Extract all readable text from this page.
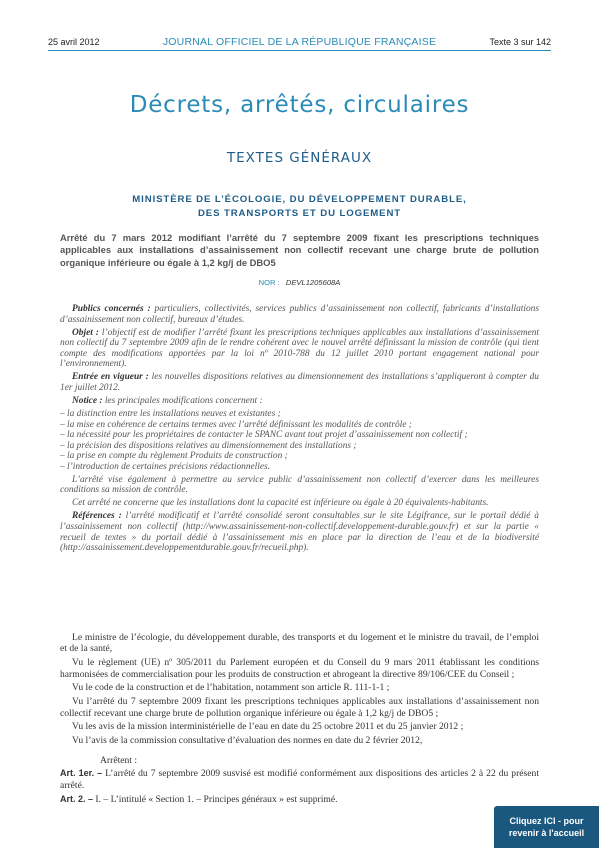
25 avril 2012	JOURNAL OFFICIEL DE LA RÉPUBLIQUE FRANÇAISE	Texte 3 sur 142
Décrets, arrêtés, circulaires
TEXTES GÉNÉRAUX
MINISTÈRE DE L’ÉCOLOGIE, DU DÉVELOPPEMENT DURABLE,
DES TRANSPORTS ET DU LOGEMENT
Arrêté du 7 mars 2012 modifiant l’arrêté du 7 septembre 2009 fixant les prescriptions techniques applicables aux installations d’assainissement non collectif recevant une charge brute de pollution organique inférieure ou égale à 1,2 kg/j de DBO5
NOR : DEVL1205608A

Publics concernés : particuliers, collectivités, services publics d’assainissement non collectif, fabricants d’installations d’assainissement non collectif, bureaux d’études.

Objet : l’objectif est de modifier l’arrêté fixant les prescriptions techniques applicables aux installations d’assainissement non collectif du 7 septembre 2009 afin de le rendre cohérent avec le nouvel arrêté définissant la mission de contrôle (qui tient compte des modifications apportées par la loi nº 2010-788 du 12 juillet 2010 portant engagement national pour l’environnement).

Entrée en vigueur : les nouvelles dispositions relatives au dimensionnement des installations s’appliqueront à compter du 1er juillet 2012.

Notice : les principales modifications concernent :

– la distinction entre les installations neuves et existantes ;
– la mise en cohérence de certains termes avec l’arrêté définissant les modalités de contrôle ;
– la nécessité pour les propriétaires de contacter le SPANC avant tout projet d’assainissement non collectif ;
– la précision des dispositions relatives au dimensionnement des installations ;
– la prise en compte du règlement Produits de construction ;
– l’introduction de certaines précisions rédactionnelles.

L’arrêté vise également à permettre au service public d’assainissement non collectif d’exercer dans les meilleures conditions sa mission de contrôle.

Cet arrêté ne concerne que les installations dont la capacité est inférieure ou égale à 20 équivalents-habitants.

Références : l’arrêté modificatif et l’arrêté consolidé seront consultables sur le site Légifrance, sur le portail dédié à l’assainissement non collectif (http://www.assainissement-non-collectif.developpement-durable.gouv.fr) et sur la partie « recueil de textes » du portail dédié à l’assainissement mis en place par la direction de l’eau et de la biodiversité (http://assainissement.developpementdurable.gouv.fr/recueil.php).

Le ministre de l’écologie, du développement durable, des transports et du logement et le ministre du travail, de l’emploi et de la santé,

Vu le règlement (UE) nº 305/2011 du Parlement européen et du Conseil du 9 mars 2011 établissant les conditions harmonisées de commercialisation pour les produits de construction et abrogeant la directive 89/106/CEE du Conseil ;

Vu le code de la construction et de l’habitation, notamment son article R. 111-1-1 ;

Vu l’arrêté du 7 septembre 2009 fixant les prescriptions techniques applicables aux installations d’assainissement non collectif recevant une charge brute de pollution organique inférieure ou égale à 1,2 kg/j de DBO5 ;

Vu les avis de la mission interministérielle de l’eau en date du 25 octobre 2011 et du 25 janvier 2012 ;

Vu l’avis de la commission consultative d’évaluation des normes en date du 2 février 2012,

Arrêtent :

Art. 1er. – L’arrêté du 7 septembre 2009 susvisé est modifié conformément aux dispositions des articles 2 à 22 du présent arrêté.

Art. 2. – I. – L’intitulé « Section 1. – Principes généraux » est supprimé.

Cliquez ICI - pour
revenir à l'accueil
